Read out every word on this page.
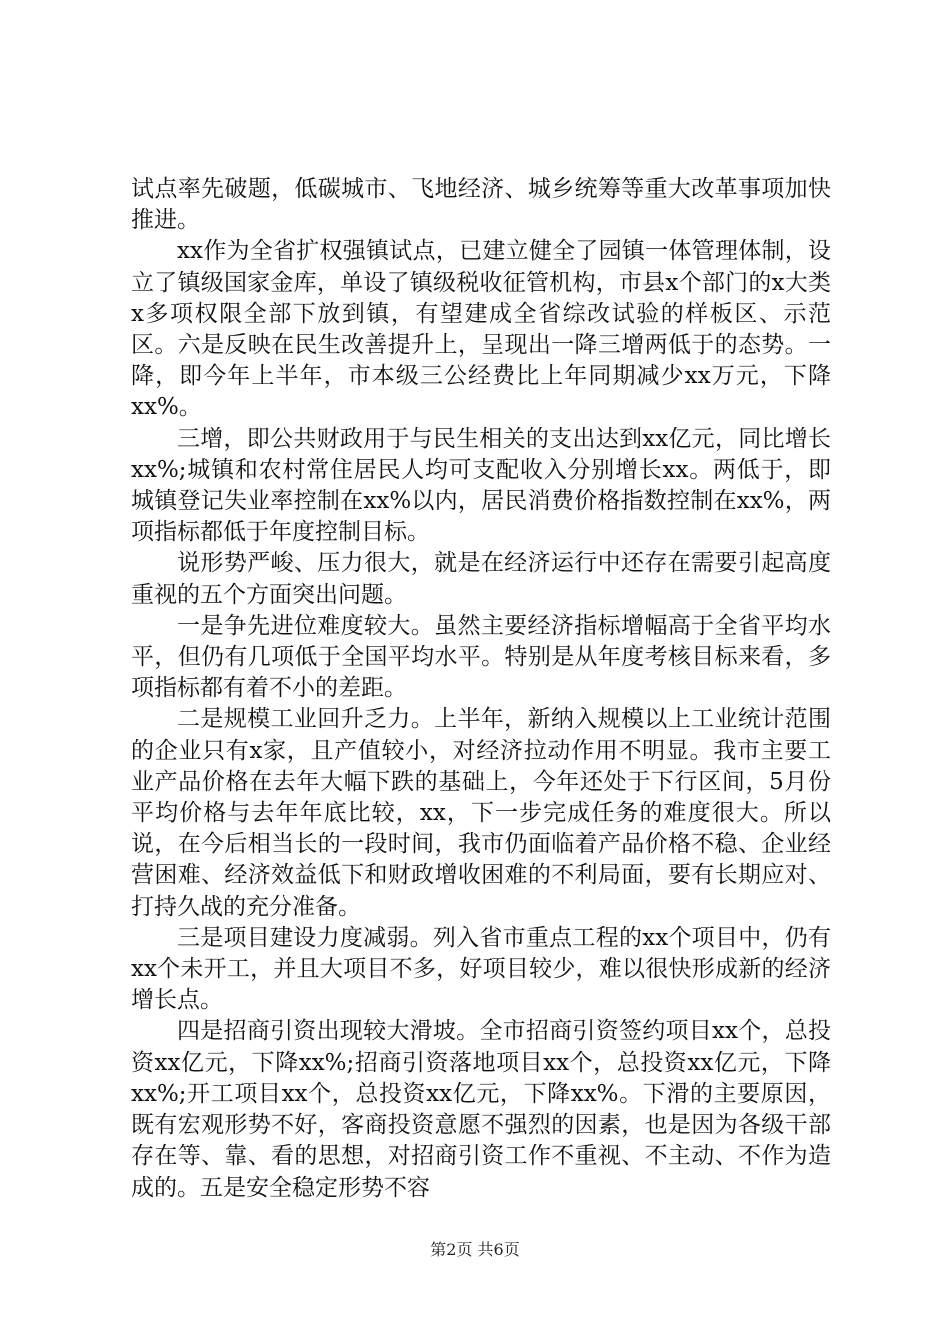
试点率先破题，低碳城市、飞地经济、城乡统筹等重大改革事项加快推进。

xx作为全省扩权强镇试点，已建立健全了园镇一体管理体制，设立了镇级国家金库，单设了镇级税收征管机构，市县x个部门的x大类x多项权限全部下放到镇，有望建成全省综改试验的样板区、示范区。六是反映在民生改善提升上，呈现出一降三增两低于的态势。一降，即今年上半年，市本级三公经费比上年同期减少xx万元，下降xx%。

三增，即公共财政用于与民生相关的支出达到xx亿元，同比增长xx%;城镇和农村常住居民人均可支配收入分别增长xx。两低于，即城镇登记失业率控制在xx%以内，居民消费价格指数控制在xx%，两项指标都低于年度控制目标。

说形势严峻、压力很大，就是在经济运行中还存在需要引起高度重视的五个方面突出问题。

一是争先进位难度较大。虽然主要经济指标增幅高于全省平均水平，但仍有几项低于全国平均水平。特别是从年度考核目标来看，多项指标都有着不小的差距。

二是规模工业回升乏力。上半年，新纳入规模以上工业统计范围的企业只有x家，且产值较小，对经济拉动作用不明显。我市主要工业产品价格在去年大幅下跌的基础上，今年还处于下行区间，5月份平均价格与去年年底比较，xx，下一步完成任务的难度很大。所以说，在今后相当长的一段时间，我市仍面临着产品价格不稳、企业经营困难、经济效益低下和财政增收困难的不利局面，要有长期应对、打持久战的充分准备。

三是项目建设力度减弱。列入省市重点工程的xx个项目中，仍有xx个未开工，并且大项目不多，好项目较少，难以很快形成新的经济增长点。

四是招商引资出现较大滑坡。全市招商引资签约项目xx个，总投资xx亿元，下降xx%;招商引资落地项目xx个，总投资xx亿元，下降xx%;开工项目xx个，总投资xx亿元，下降xx%。下滑的主要原因，既有宏观形势不好，客商投资意愿不强烈的因素，也是因为各级干部存在等、靠、看的思想，对招商引资工作不重视、不主动、不作为造成的。五是安全稳定形势不容

第2页 共6页
